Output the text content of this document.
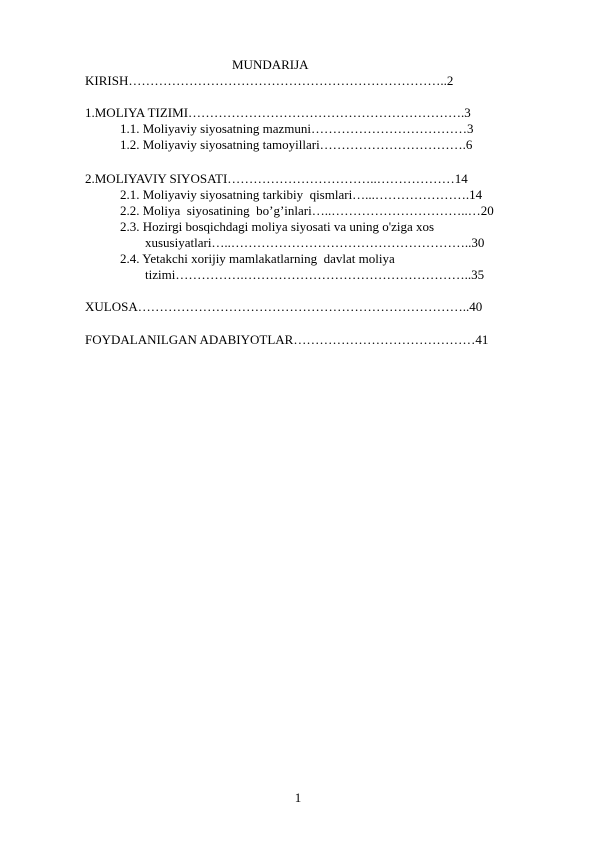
MUNDARIJA
KIRISH………………………………………………………………..2
1.MOLIYA TIZIMI……………………………………………………….3
1.1. Moliyaviy siyosatning mazmuni………………………………3
1.2. Moliyaviy siyosatning tamoyillari…………………………….6
2.MOLIYAVIY SIYOSATI……………………………..………………14
2.1. Moliyaviy siyosatning tarkibiy  qismlari…...………………….14
2.2. Moliya  siyosatining  bo’g’inlari…..…………………………..…20
2.3. Hozirgi bosqichdagi moliya siyosati va uning o'ziga xos
xususiyatlari…..………………………………………………..30
2.4. Yetakchi xorijiy mamlakatlarning  davlat moliya
tizimi…………….……………………………………………..35
XULOSA…………………………………………………………………..40
FOYDALANILGAN ADABIYOTLAR……………………………………41
1
